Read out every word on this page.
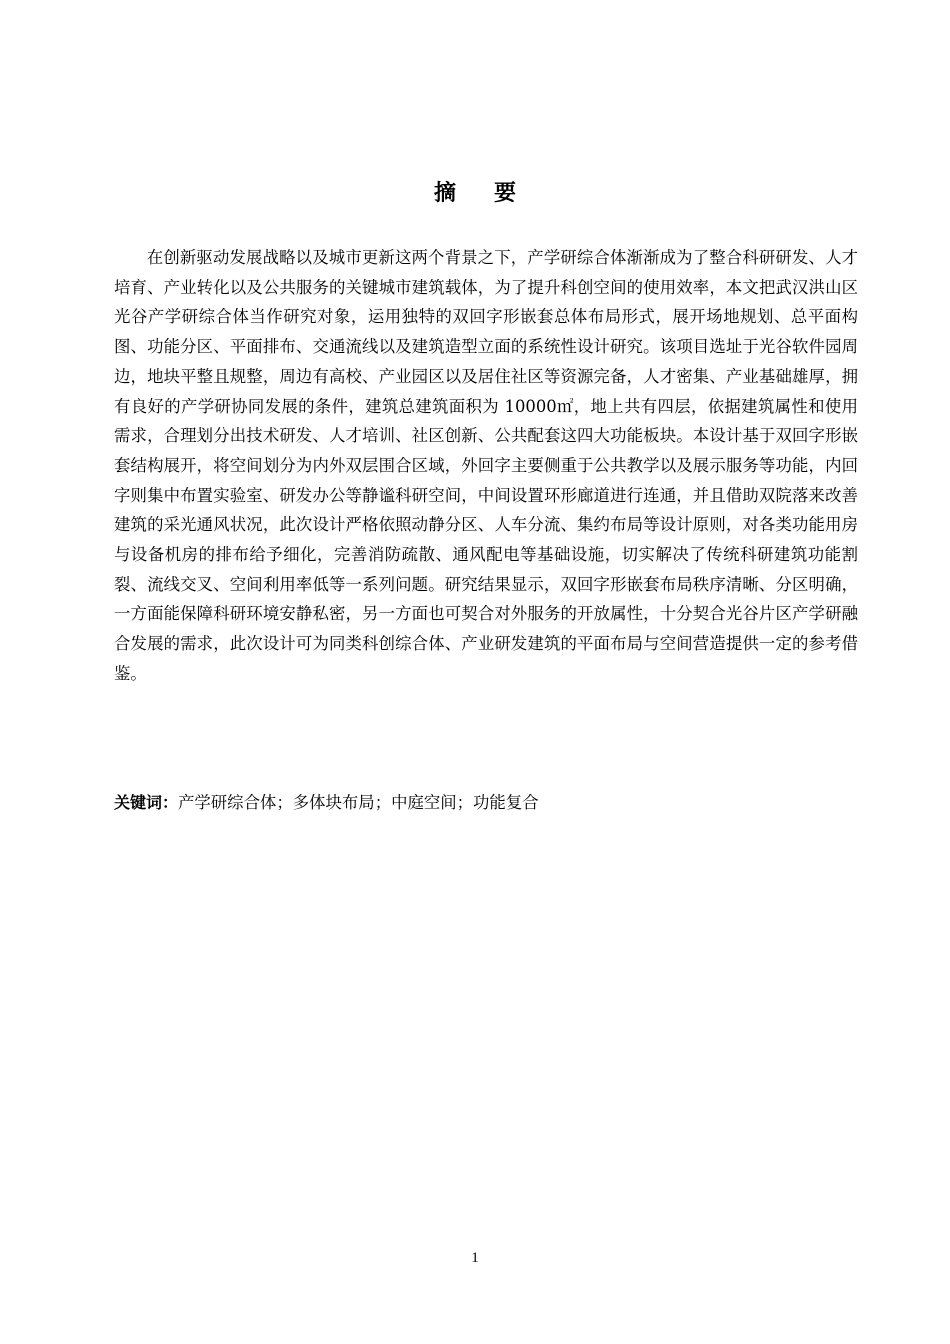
摘要

在创新驱动发展战略以及城市更新这两个背景之下，产学研综合体渐渐成为了整合科研研发、人才培育、产业转化以及公共服务的关键城市建筑载体，为了提升科创空间的使用效率，本文把武汉洪山区光谷产学研综合体当作研究对象，运用独特的双回字形嵌套总体布局形式，展开场地规划、总平面构图、功能分区、平面排布、交通流线以及建筑造型立面的系统性设计研究。该项目选址于光谷软件园周边，地块平整且规整，周边有高校、产业园区以及居住社区等资源完备，人才密集、产业基础雄厚，拥有良好的产学研协同发展的条件，建筑总建筑面积为 10000㎡，地上共有四层，依据建筑属性和使用需求，合理划分出技术研发、人才培训、社区创新、公共配套这四大功能板块。本设计基于双回字形嵌套结构展开，将空间划分为内外双层围合区域，外回字主要侧重于公共教学以及展示服务等功能，内回字则集中布置实验室、研发办公等静谧科研空间，中间设置环形廊道进行连通，并且借助双院落来改善建筑的采光通风状况，此次设计严格依照动静分区、人车分流、集约布局等设计原则，对各类功能用房与设备机房的排布给予细化，完善消防疏散、通风配电等基础设施，切实解决了传统科研建筑功能割裂、流线交叉、空间利用率低等一系列问题。研究结果显示，双回字形嵌套布局秩序清晰、分区明确，一方面能保障科研环境安静私密，另一方面也可契合对外服务的开放属性，十分契合光谷片区产学研融合发展的需求，此次设计可为同类科创综合体、产业研发建筑的平面布局与空间营造提供一定的参考借鉴。

关键词：产学研综合体；多体块布局；中庭空间；功能复合

1
